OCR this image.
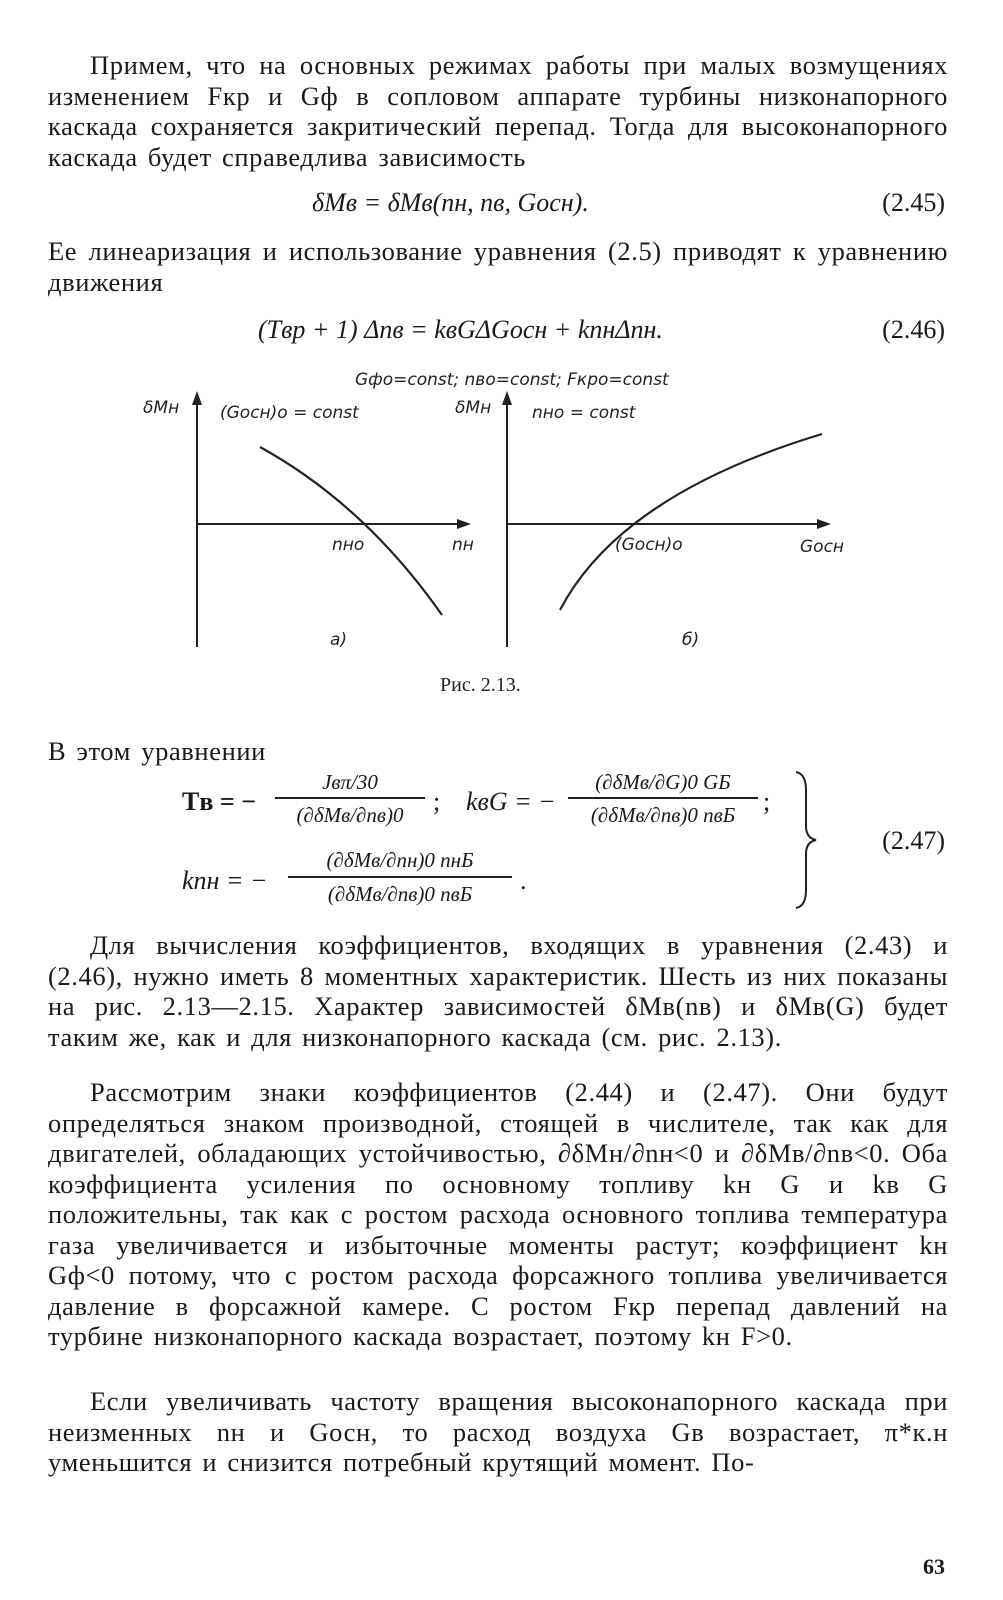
Примем, что на основных режимах работы при малых возмущениях изменением Fкр и Gф в сопловом аппарате турбины низконапорного каскада сохраняется закритический перепад. Тогда для высоконапорного каскада будет справедлива зависимость
δMв = δMв(nн, nв, Gосн).	(2.45)
Ее линеаризация и использование уравнения (2.5) приводят к уравнению движения
(Tвp + 1) Δnв = kвGΔGосн + kпнΔnн.	(2.46)
Gфо=const; nво=const; Fкро=const
δMн (Gосн)о = const
nно	nн
а)
δMн nно = const
(Gосн)о	Gосн
б)
Рис. 2.13.
В этом уравнении
Tв = −
Jвπ/30
(∂δMв/∂nв)0	; kвG = −
(∂δMв/∂G)0 GБ
(∂δMв/∂nв)0 nвБ	;
kпн = −
(∂δMв/∂nн)0 nнБ
(∂δMв/∂nв)0 nвБ	.
(2.47)
Для вычисления коэффициентов, входящих в уравнения (2.43) и (2.46), нужно иметь 8 моментных характеристик. Шесть из них показаны на рис. 2.13—2.15. Характер зависимостей δMв(nв) и δMв(G) будет таким же, как и для низконапорного каскада (см. рис. 2.13).
Рассмотрим знаки коэффициентов (2.44) и (2.47). Они будут определяться знаком производной, стоящей в числителе, так как для двигателей, обладающих устойчивостью, ∂δMн/∂nн<0 и ∂δMв/∂nв<0. Оба коэффициента усиления по основному топливу kн G и kв G положительны, так как с ростом расхода основного топлива температура газа увеличивается и избыточные моменты растут; коэффициент kн Gф<0 потому, что с ростом расхода форсажного топлива увеличивается давление в форсажной камере. С ростом Fкр перепад давлений на турбине низконапорного каскада возрастает, поэтому kн F>0.
Если увеличивать частоту вращения высоконапорного каскада при неизменных nн и Gосн, то расход воздуха Gв возрастает, π*к.н уменьшится и снизится потребный крутящий момент. По-
63
